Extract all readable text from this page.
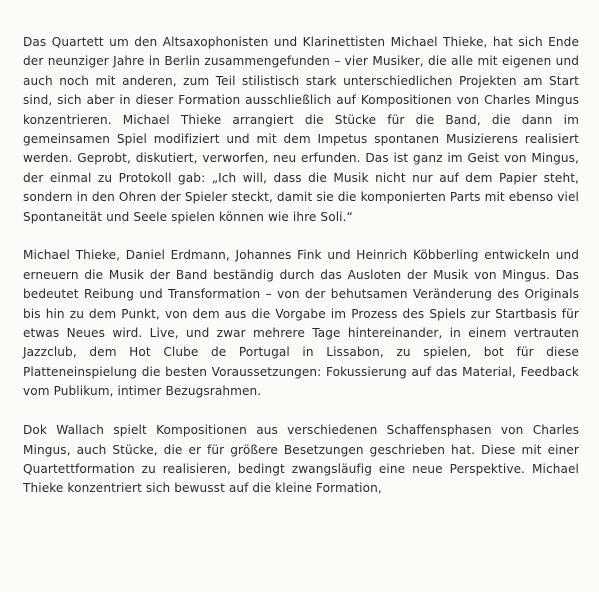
Das Quartett um den Altsaxophonisten und Klarinettisten Michael Thieke, hat sich Ende der neunziger Jahre in Berlin zusammengefunden – vier Musiker, die alle mit eigenen und auch noch mit anderen, zum Teil stilistisch stark unterschiedlichen Projekten am Start sind, sich aber in dieser Formation ausschließlich auf Kompositionen von Charles Mingus konzentrieren. Michael Thieke arrangiert die Stücke für die Band, die dann im gemeinsamen Spiel modifiziert und mit dem Impetus spontanen Musizierens realisiert werden. Geprobt, diskutiert, verworfen, neu erfunden. Das ist ganz im Geist von Mingus, der einmal zu Protokoll gab: „Ich will, dass die Musik nicht nur auf dem Papier steht, sondern in den Ohren der Spieler steckt, damit sie die komponierten Parts mit ebenso viel Spontaneität und Seele spielen können wie ihre Soli.“

Michael Thieke, Daniel Erdmann, Johannes Fink und Heinrich Köbberling entwickeln und erneuern die Musik der Band beständig durch das Ausloten der Musik von Mingus. Das bedeutet Reibung und Transformation – von der behutsamen Veränderung des Originals bis hin zu dem Punkt, von dem aus die Vorgabe im Prozess des Spiels zur Startbasis für etwas Neues wird. Live, und zwar mehrere Tage hintereinander, in einem vertrauten Jazzclub, dem Hot Clube de Portugal in Lissabon, zu spielen, bot für diese Platteneinspielung die besten Voraussetzungen: Fokussierung auf das Material, Feedback vom Publikum, intimer Bezugsrahmen.

Dok Wallach spielt Kompositionen aus verschiedenen Schaffensphasen von Charles Mingus, auch Stücke, die er für größere Besetzungen geschrieben hat. Diese mit einer Quartettformation zu realisieren, bedingt zwangsläufig eine neue Perspektive. Michael Thieke konzentriert sich bewusst auf die kleine Formation,
